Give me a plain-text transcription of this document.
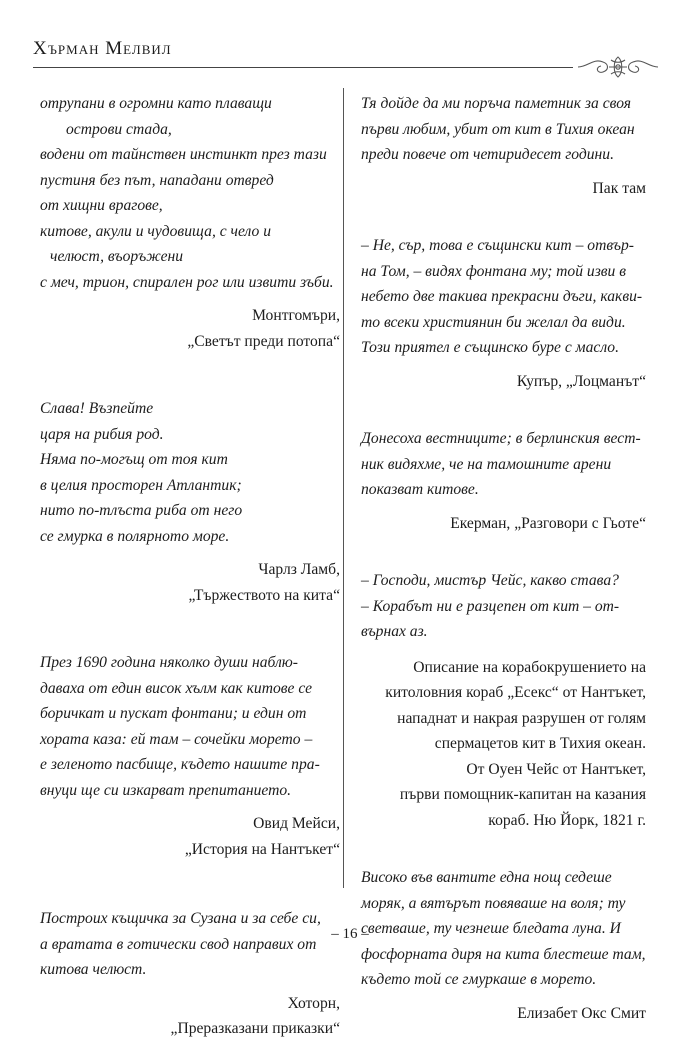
Хърман Мелвил
отрупани в огромни като плаващи
острови стада,
водени от тайнствен инстинкт през тази
пустиня без път, нападани отвред
от хищни врагове,
китове, акули и чудовища, с чело и
челюст, въоръжени
с меч, трион, спирален рог или извити зъби.
Монтгомъри,
„Светът преди потопа“
Слава! Възпейте
царя на рибия род.
Няма по-могъщ от тоя кит
в целия просторен Атлантик;
нито по-тлъста риба от него
се гмурка в полярното море.
Чарлз Ламб,
„Тържеството на кита“
През 1690 година няколко души наблю-
даваха от един висок хълм как китове се
боричкат и пускат фонтани; и един от
хората каза: ей там – сочейки морето –
е зеленото пасбище, където нашите пра-
внуци ще си изкарват препитанието.
Овид Мейси,
„История на Нантъкет“
Построих къщичка за Сузана и за себе си,
а вратата в готически свод направих от
китова челюст.
Хоторн,
„Преразказани приказки“
Тя дойде да ми поръча паметник за своя
първи любим, убит от кит в Тихия океан
преди повече от четиридесет години.
Пак там
– Не, сър, това е същински кит – отвър-
на Том, – видях фонтана му; той изви в
небето две такива прекрасни дъги, какви-
то всеки християнин би желал да види.
Този приятел е същинско буре с масло.
Купър, „Лоцманът“
Донесоха вестниците; в берлинския вест-
ник видяхме, че на тамошните арени
показват китове.
Екерман, „Разговори с Гьоте“
– Господи, мистър Чейс, какво става?
– Корабът ни е разцепен от кит – от-
върнах аз.
Описание на корабокрушението на
китоловния кораб „Есекс“ от Нантъкет,
нападнат и накрая разрушен от голям
спермацетов кит в Тихия океан.
От Оуен Чейс от Нантъкет,
първи помощник-капитан на казания
кораб. Ню Йорк, 1821 г.
Високо във вантите една нощ седеше
моряк, а вятърът повяваше на воля; ту
светваше, ту чезнеше бледата луна. И
фосфорната диря на кита блестеше там,
където той се гмуркаше в морето.
Елизабет Окс Смит
– 16 –
